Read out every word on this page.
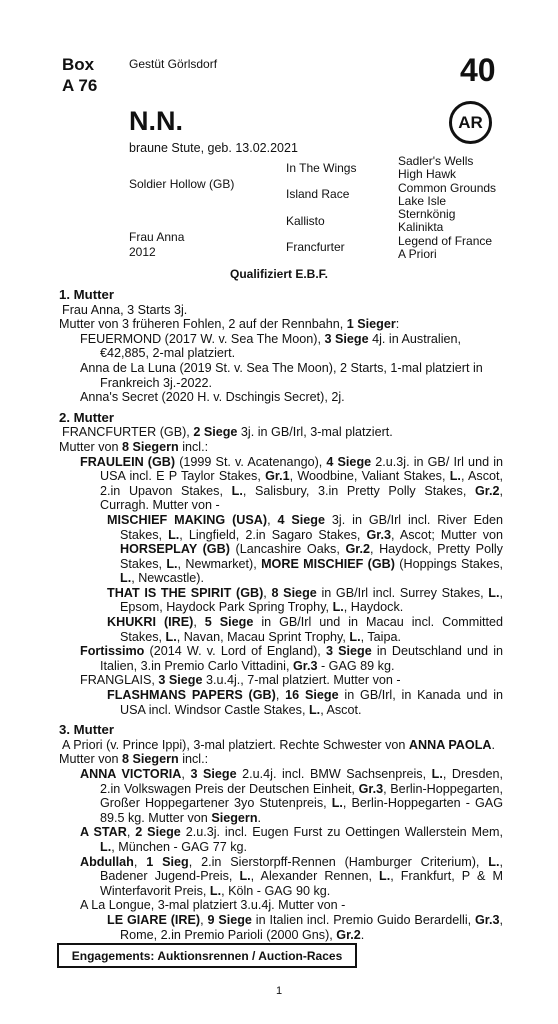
Box
A 76
Gestüt Görlsdorf	40
N.N.	AR
braune Stute, geb. 13.02.2021
Soldier Hollow (GB)
Frau Anna
2012
In The Wings
Island Race
Kallisto
Francfurter
Sadler's Wells
High Hawk
Common Grounds
Lake Isle
Sternkönig
Kalinikta
Legend of France
A Priori
Qualifiziert E.B.F.
1. Mutter
Frau Anna, 3 Starts 3j.
Mutter von 3 früheren Fohlen, 2 auf der Rennbahn, 1 Sieger:
FEUERMOND (2017 W. v. Sea The Moon), 3 Siege 4j. in Australien, €42,885, 2-mal platziert.
Anna de La Luna (2019 St. v. Sea The Moon), 2 Starts, 1-mal platziert in Frankreich 3j.-2022.
Anna's Secret (2020 H. v. Dschingis Secret), 2j.
2. Mutter
FRANCFURTER (GB), 2 Siege 3j. in GB/Irl, 3-mal platziert.
Mutter von 8 Siegern incl.:
FRAULEIN (GB) (1999 St. v. Acatenango), 4 Siege 2.u.3j. in GB/ Irl und in USA incl. E P Taylor Stakes, Gr.1, Woodbine, Valiant Stakes, L., Ascot, 2.in Upavon Stakes, L., Salisbury, 3.in Pretty Polly Stakes, Gr.2, Curragh. Mutter von -
MISCHIEF MAKING (USA), 4 Siege 3j. in GB/Irl incl. River Eden Stakes, L., Lingfield, 2.in Sagaro Stakes, Gr.3, Ascot; Mutter von HORSEPLAY (GB) (Lancashire Oaks, Gr.2, Haydock, Pretty Polly Stakes, L., Newmarket), MORE MISCHIEF (GB) (Hoppings Stakes, L., Newcastle).
THAT IS THE SPIRIT (GB), 8 Siege in GB/Irl incl. Surrey Stakes, L., Epsom, Haydock Park Spring Trophy, L., Haydock.
KHUKRI (IRE), 5 Siege in GB/Irl und in Macau incl. Committed Stakes, L., Navan, Macau Sprint Trophy, L., Taipa.
Fortissimo (2014 W. v. Lord of England), 3 Siege in Deutschland und in Italien, 3.in Premio Carlo Vittadini, Gr.3 - GAG 89 kg.
FRANGLAIS, 3 Siege 3.u.4j., 7-mal platziert. Mutter von -
FLASHMANS PAPERS (GB), 16 Siege in GB/Irl, in Kanada und in USA incl. Windsor Castle Stakes, L., Ascot.
3. Mutter
A Priori (v. Prince Ippi), 3-mal platziert. Rechte Schwester von ANNA PAOLA.
Mutter von 8 Siegern incl.:
ANNA VICTORIA, 3 Siege 2.u.4j. incl. BMW Sachsenpreis, L., Dresden, 2.in Volkswagen Preis der Deutschen Einheit, Gr.3, Berlin-Hoppegarten, Großer Hoppegartener 3yo Stutenpreis, L., Berlin-Hoppegarten - GAG 89.5 kg. Mutter von Siegern.
A STAR, 2 Siege 2.u.3j. incl. Eugen Furst zu Oettingen Wallerstein Mem, L., München - GAG 77 kg.
Abdullah, 1 Sieg, 2.in Sierstorpff-Rennen (Hamburger Criterium), L., Badener Jugend-Preis, L., Alexander Rennen, L., Frankfurt, P & M Winterfavorit Preis, L., Köln - GAG 90 kg.
A La Longue, 3-mal platziert 3.u.4j. Mutter von -
LE GIARE (IRE), 9 Siege in Italien incl. Premio Guido Berardelli, Gr.3, Rome, 2.in Premio Parioli (2000 Gns), Gr.2.
Engagements: Auktionsrennen / Auction-Races
1
